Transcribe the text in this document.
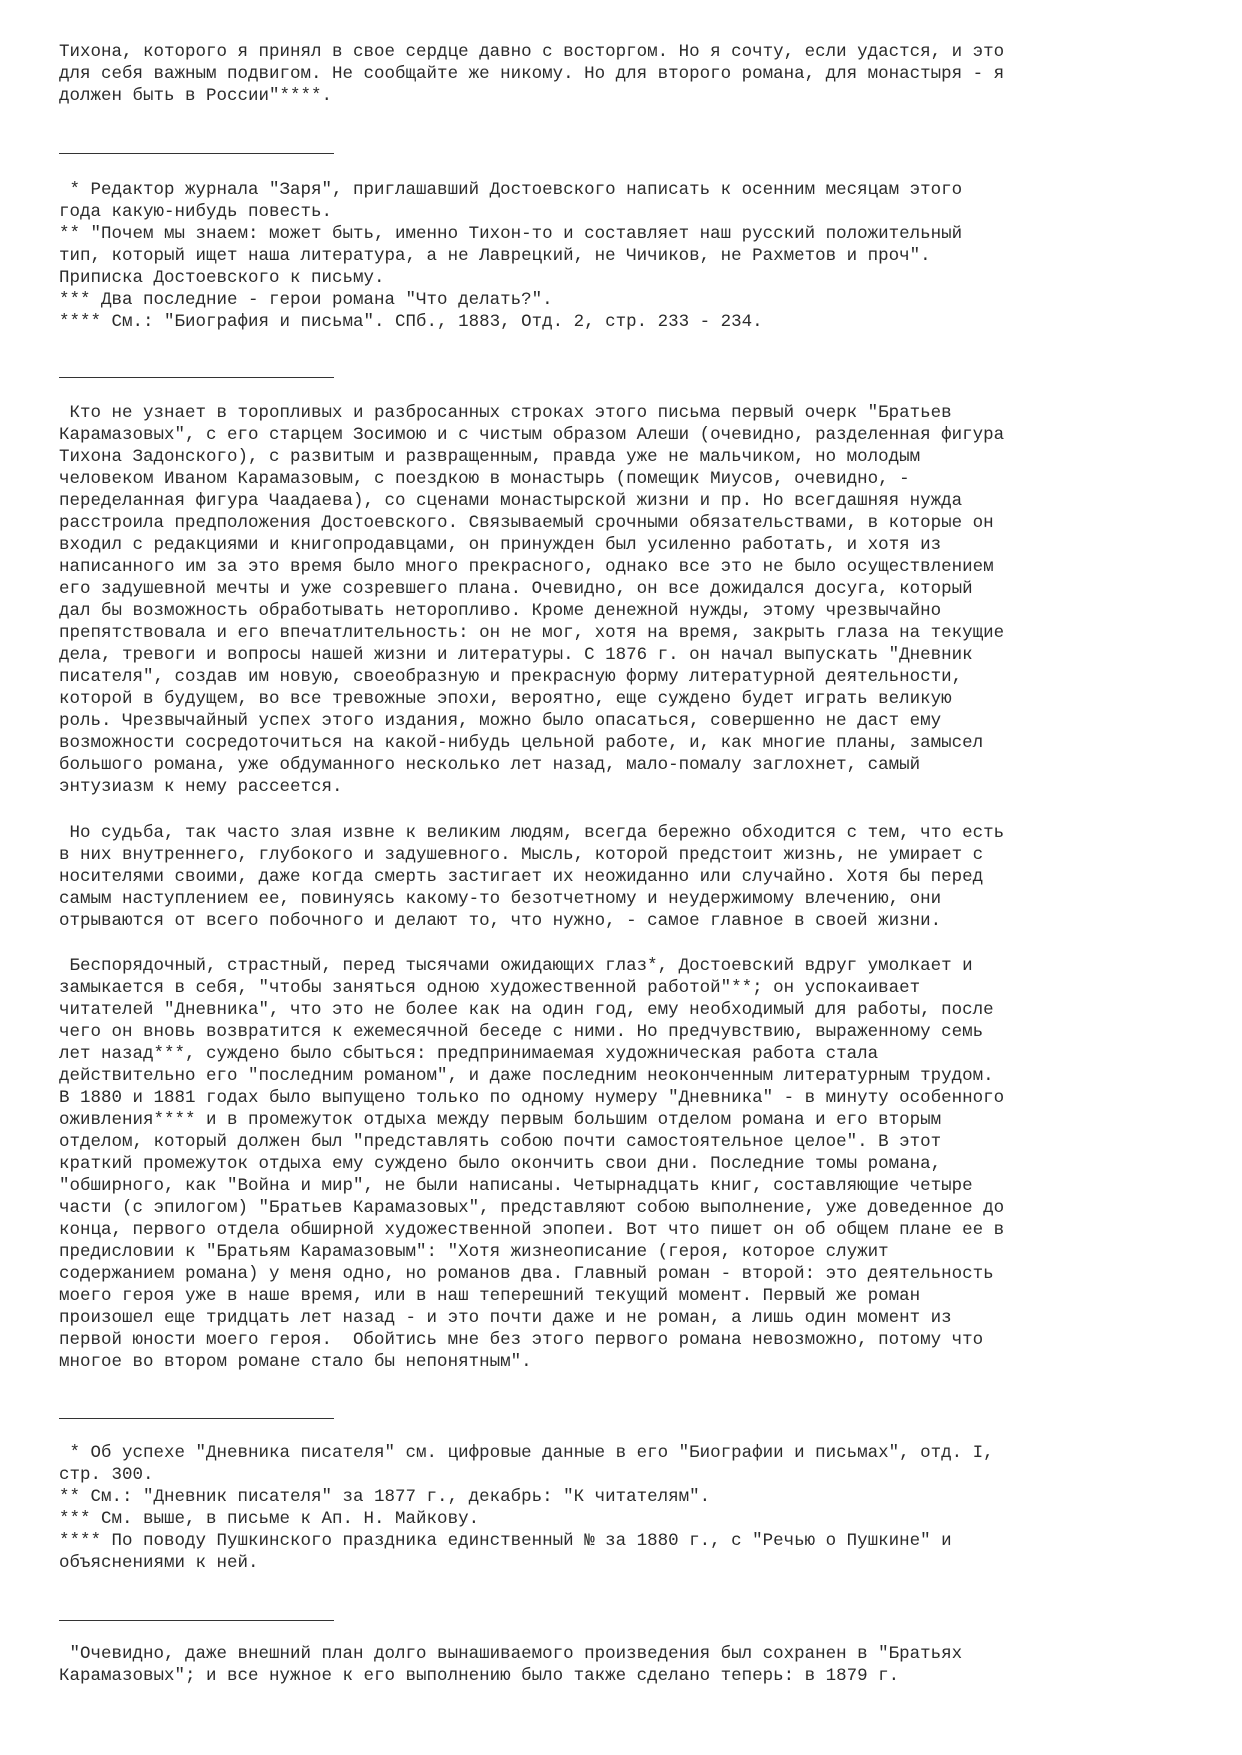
Тихона, которого я принял в свое сердце давно с восторгом. Но я сочту, если удастся, и это
для себя важным подвигом. Не сообщайте же никому. Но для второго романа, для монастыря - я
должен быть в России"****.
* Редактор журнала "Заря", приглашавший Достоевского написать к осенним месяцам этого
года какую-нибудь повесть.
** "Почем мы знаем: может быть, именно Тихон-то и составляет наш русский положительный
тип, который ищет наша литература, а не Лаврецкий, не Чичиков, не Рахметов и проч".
Приписка Достоевского к письму.
*** Два последние - герои романа "Что делать?".
**** См.: "Биография и письма". СПб., 1883, Отд. 2, стр. 233 - 234.
Кто не узнает в торопливых и разбросанных строках этого письма первый очерк "Братьев
Карамазовых", с его старцем Зосимою и с чистым образом Алеши (очевидно, разделенная фигура
Тихона Задонского), с развитым и развращенным, правда уже не мальчиком, но молодым
человеком Иваном Карамазовым, с поездкою в монастырь (помещик Миусов, очевидно, -
переделанная фигура Чаадаева), со сценами монастырской жизни и пр. Но всегдашняя нужда
расстроила предположения Достоевского. Связываемый срочными обязательствами, в которые он
входил с редакциями и книгопродавцами, он принужден был усиленно работать, и хотя из
написанного им за это время было много прекрасного, однако все это не было осуществлением
его задушевной мечты и уже созревшего плана. Очевидно, он все дожидался досуга, который
дал бы возможность обработывать неторопливо. Кроме денежной нужды, этому чрезвычайно
препятствовала и его впечатлительность: он не мог, хотя на время, закрыть глаза на текущие
дела, тревоги и вопросы нашей жизни и литературы. С 1876 г. он начал выпускать "Дневник
писателя", создав им новую, своеобразную и прекрасную форму литературной деятельности,
которой в будущем, во все тревожные эпохи, вероятно, еще суждено будет играть великую
роль. Чрезвычайный успех этого издания, можно было опасаться, совершенно не даст ему
возможности сосредоточиться на какой-нибудь цельной работе, и, как многие планы, замысел
большого романа, уже обдуманного несколько лет назад, мало-помалу заглохнет, самый
энтузиазм к нему рассеется.
Но судьба, так часто злая извне к великим людям, всегда бережно обходится с тем, что есть
в них внутреннего, глубокого и задушевного. Мысль, которой предстоит жизнь, не умирает с
носителями своими, даже когда смерть застигает их неожиданно или случайно. Хотя бы перед
самым наступлением ее, повинуясь какому-то безотчетному и неудержимому влечению, они
отрываются от всего побочного и делают то, что нужно, - самое главное в своей жизни.
Беспорядочный, страстный, перед тысячами ожидающих глаз*, Достоевский вдруг умолкает и
замыкается в себя, "чтобы заняться одною художественной работой"**; он успокаивает
читателей "Дневника", что это не более как на один год, ему необходимый для работы, после
чего он вновь возвратится к ежемесячной беседе с ними. Но предчувствию, выраженному семь
лет назад***, суждено было сбыться: предпринимаемая художническая работа стала
действительно его "последним романом", и даже последним неоконченным литературным трудом.
В 1880 и 1881 годах было выпущено только по одному нумеру "Дневника" - в минуту особенного
оживления**** и в промежуток отдыха между первым большим отделом романа и его вторым
отделом, который должен был "представлять собою почти самостоятельное целое". В этот
краткий промежуток отдыха ему суждено было окончить свои дни. Последние томы романа,
"обширного, как "Война и мир", не были написаны. Четырнадцать книг, составляющие четыре
части (с эпилогом) "Братьев Карамазовых", представляют собою выполнение, уже доведенное до
конца, первого отдела обширной художественной эпопеи. Вот что пишет он об общем плане ее в
предисловии к "Братьям Карамазовым": "Хотя жизнеописание (героя, которое служит
содержанием романа) у меня одно, но романов два. Главный роман - второй: это деятельность
моего героя уже в наше время, или в наш теперешний текущий момент. Первый же роман
произошел еще тридцать лет назад - и это почти даже и не роман, а лишь один момент из
первой юности моего героя.  Обойтись мне без этого первого романа невозможно, потому что
многое во втором романе стало бы непонятным".
* Об успехе "Дневника писателя" см. цифровые данные в его "Биографии и письмах", отд. I,
стр. 300.
** См.: "Дневник писателя" за 1877 г., декабрь: "К читателям".
*** См. выше, в письме к Ап. Н. Майкову.
**** По поводу Пушкинского праздника единственный № за 1880 г., с "Речью о Пушкине" и
объяснениями к ней.
"Очевидно, даже внешний план долго вынашиваемого произведения был сохранен в "Братьях
Карамазовых"; и все нужное к его выполнению было также сделано теперь: в 1879 г.
